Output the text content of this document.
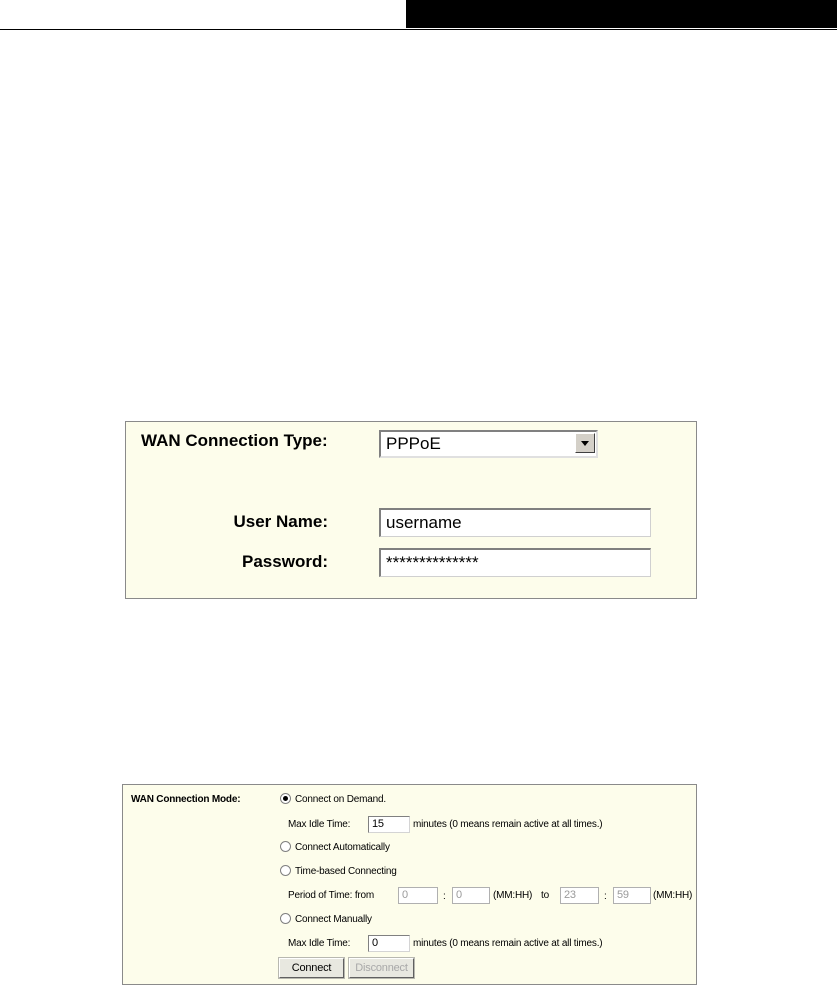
WAN Connection Type:	PPPoE
User Name:	username
Password:	**************
WAN Connection Mode:	Connect on Demand.
Max Idle Time:	15	minutes (0 means remain active at all times.)
Connect Automatically
Time-based Connecting
Period of Time: from	0	: 0	(MM:HH) to	23	: 59	(MM:HH)
Connect Manually
Max Idle Time:	0	minutes (0 means remain active at all times.)
Connect	Disconnect
